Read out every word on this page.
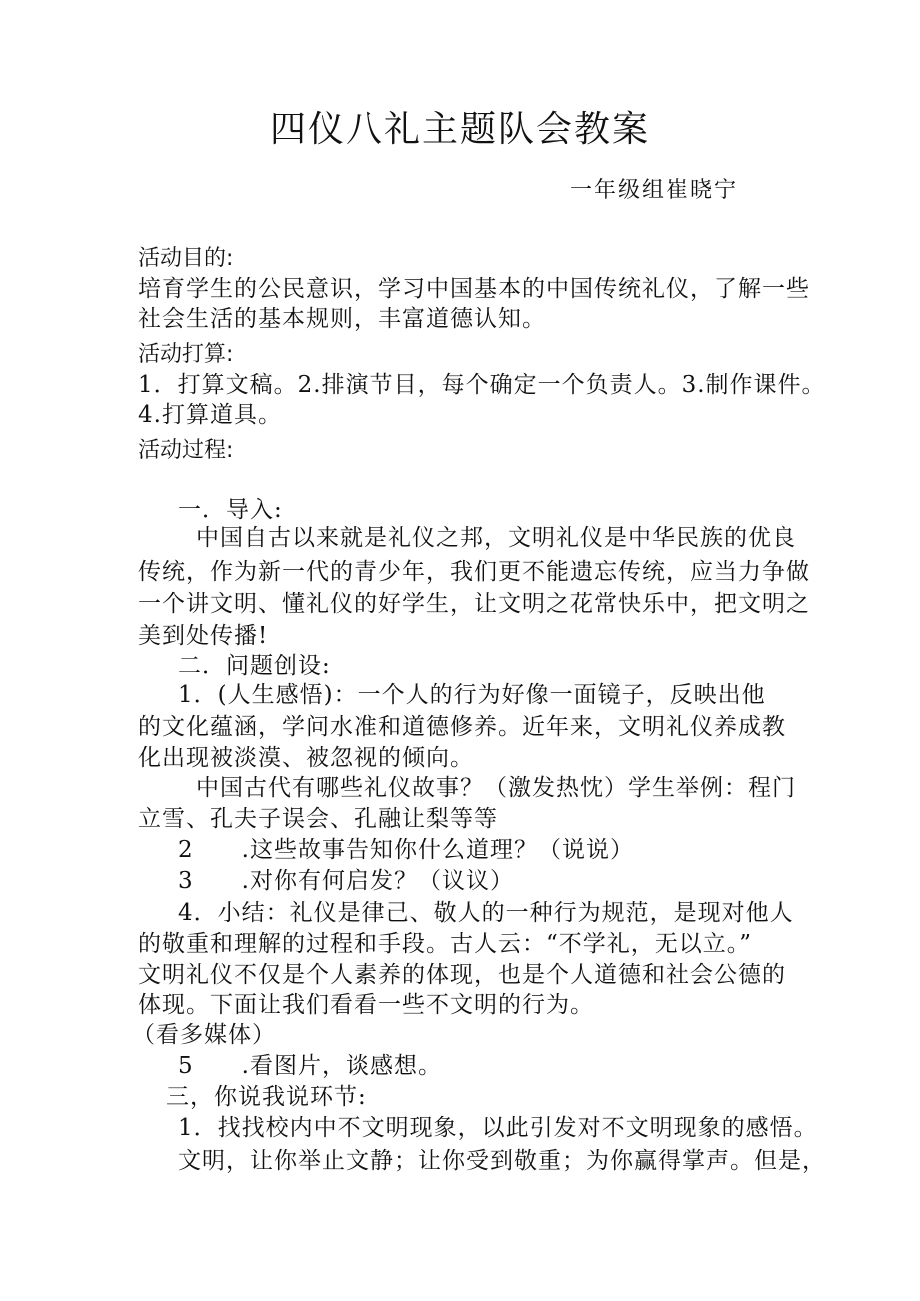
四仪八礼主题队会教案
一年级组崔晓宁
活动目的:
培育学生的公民意识，学习中国基本的中国传统礼仪，了解一些
社会生活的基本规则，丰富道德认知。
活动打算:
1．打算文稿。2.排演节目，每个确定一个负责人。3.制作课件。
4.打算道具。
活动过程:
一．导入:
中国自古以来就是礼仪之邦，文明礼仪是中华民族的优良
传统，作为新一代的青少年，我们更不能遗忘传统，应当力争做
一个讲文明、懂礼仪的好学生，让文明之花常快乐中，把文明之
美到处传播!
二．问题创设:
1．(人生感悟)：一个人的行为好像一面镜子，反映出他
的文化蕴涵，学问水准和道德修养。近年来，文明礼仪养成教
化出现被淡漠、被忽视的倾向。
中国古代有哪些礼仪故事？（激发热忱）学生举例：程门
立雪、孔夫子误会、孔融让梨等等
2　　.这些故事告知你什么道理？（说说）
3　　.对你有何启发？（议议）
4．小结：礼仪是律己、敬人的一种行为规范，是现对他人
的敬重和理解的过程和手段。古人云：“不学礼，无以立。”
文明礼仪不仅是个人素养的体现，也是个人道德和社会公德的
体现。下面让我们看看一些不文明的行为。
（看多媒体）
5　　.看图片，谈感想。
三，你说我说环节:
1．找找校内中不文明现象，以此引发对不文明现象的感悟。
文明，让你举止文静；让你受到敬重；为你赢得掌声。但是，
